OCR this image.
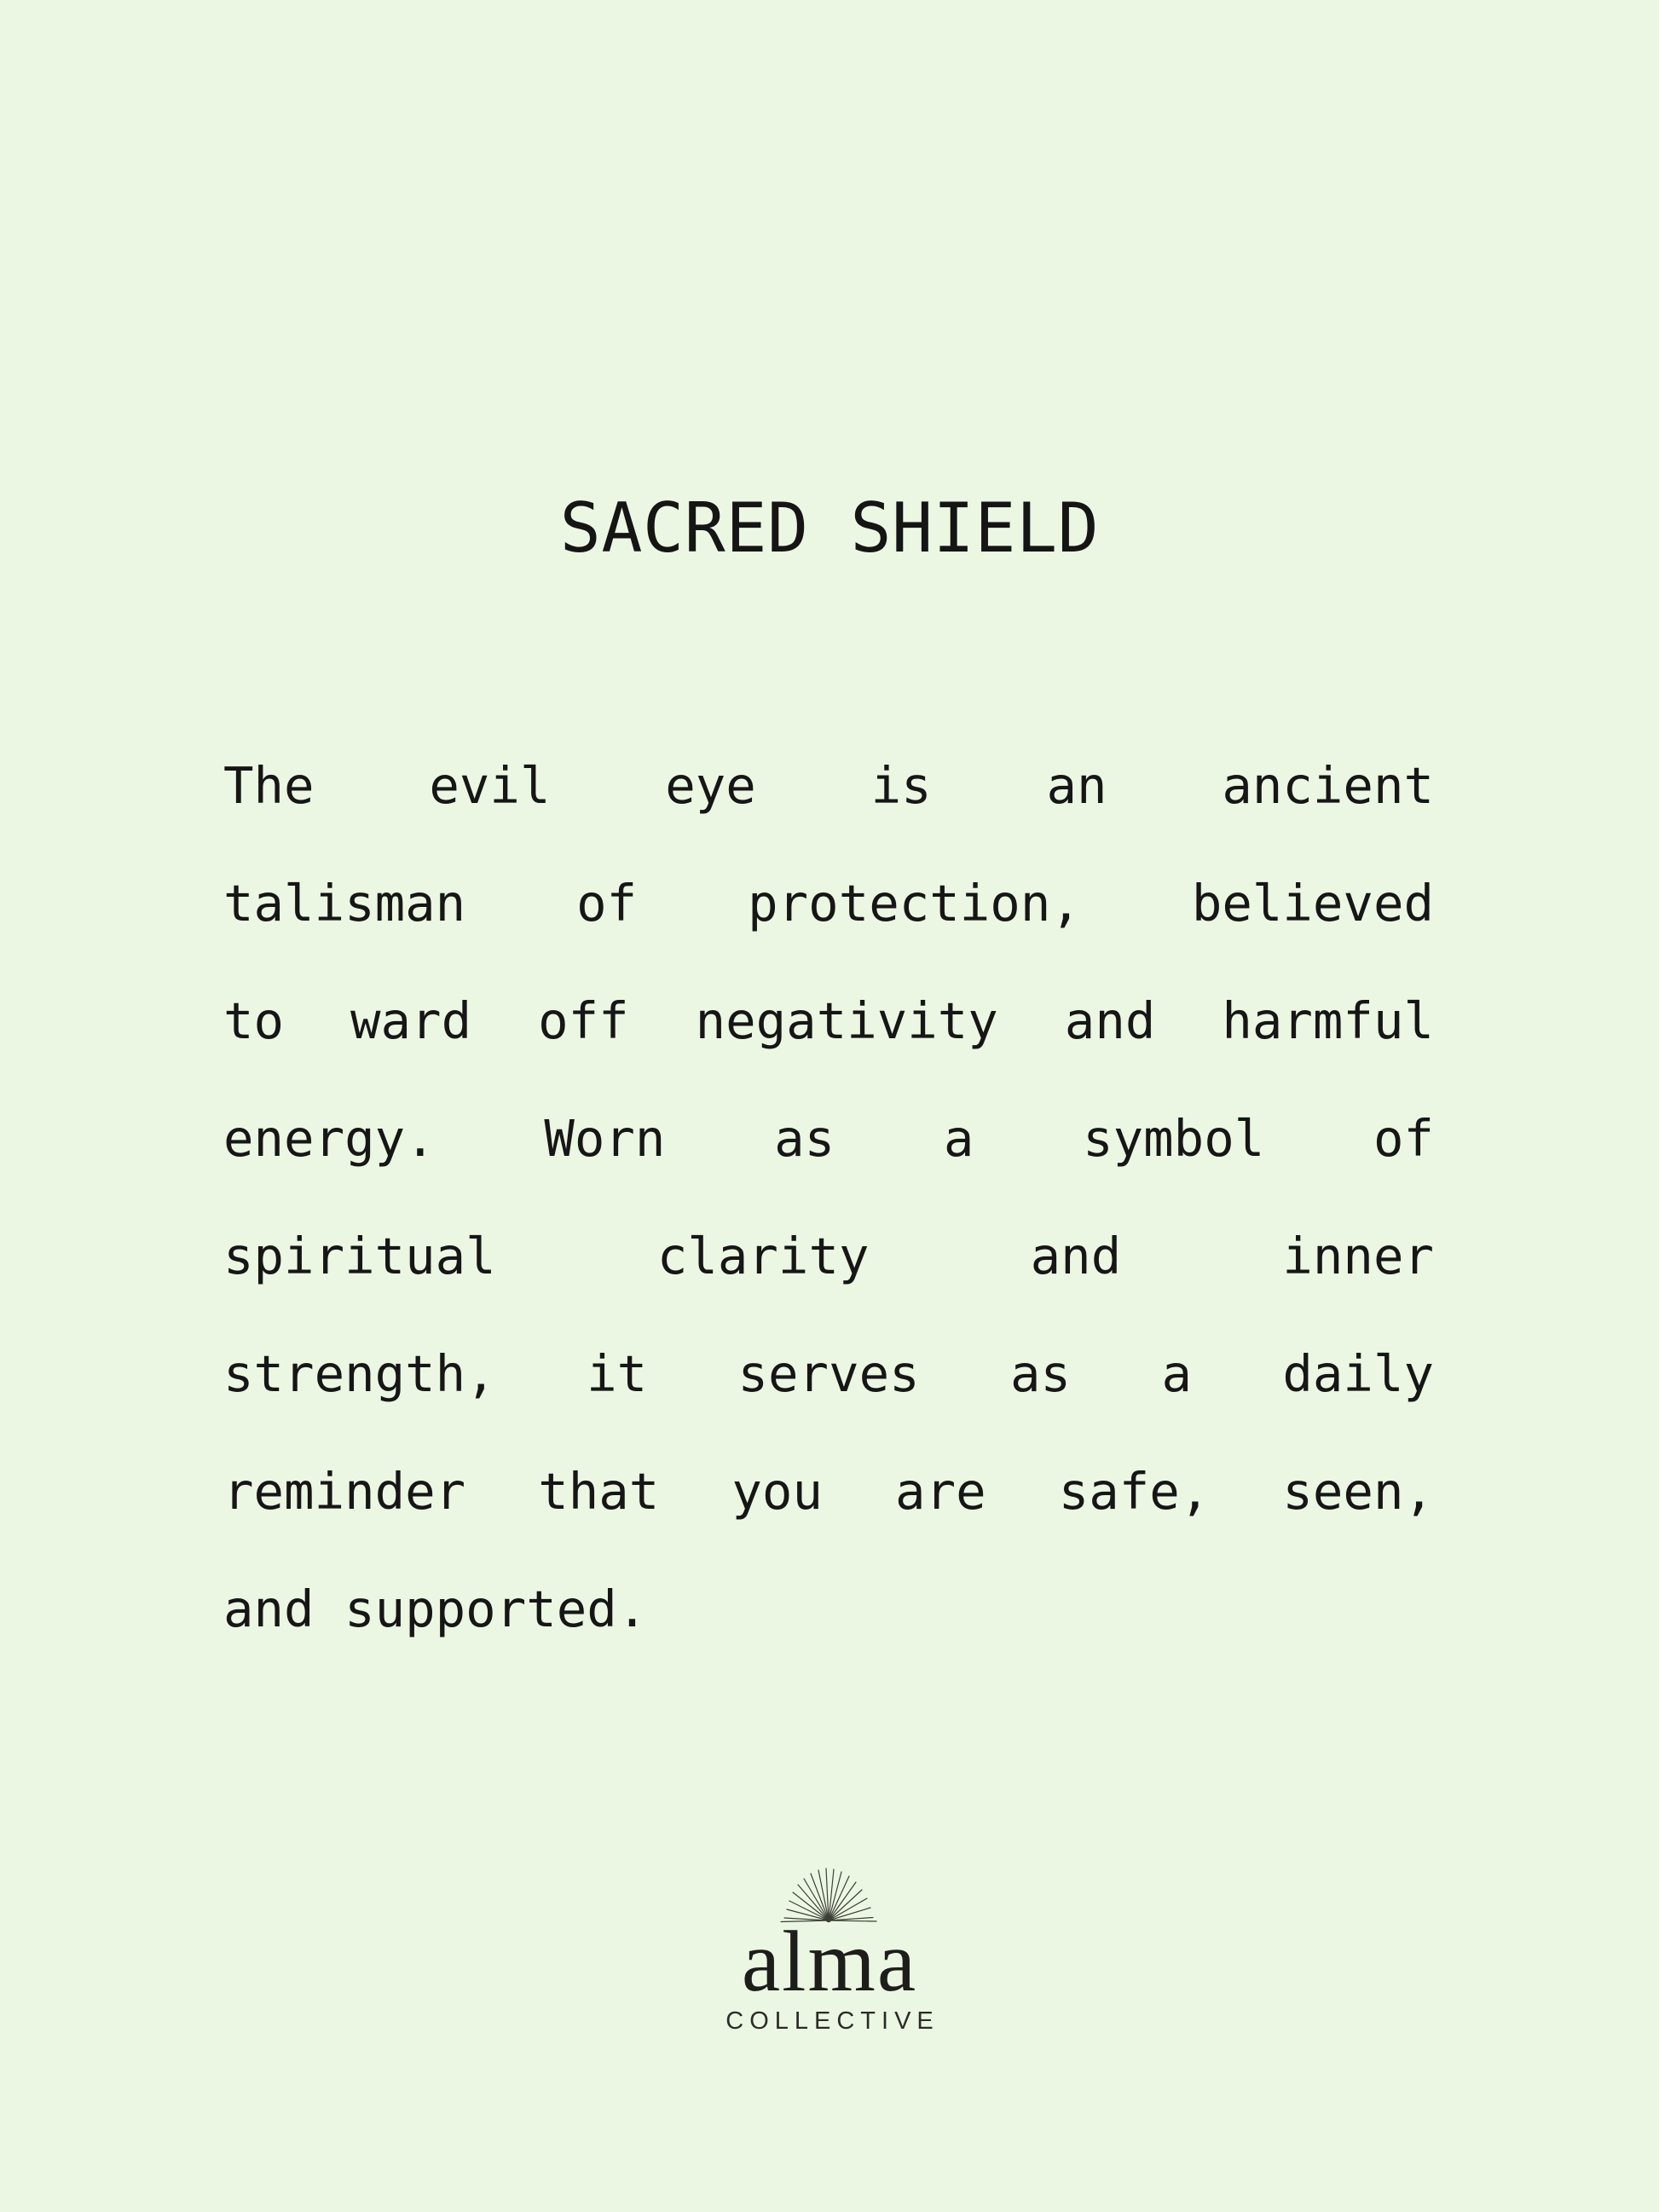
SACRED SHIELD
The evil eye is an ancient
talisman of protection, believed
to ward off negativity and harmful
energy. Worn as a symbol of
spiritual clarity and inner
strength, it serves as a daily
reminder that you are safe, seen,
and supported.
alma
COLLECTIVE
